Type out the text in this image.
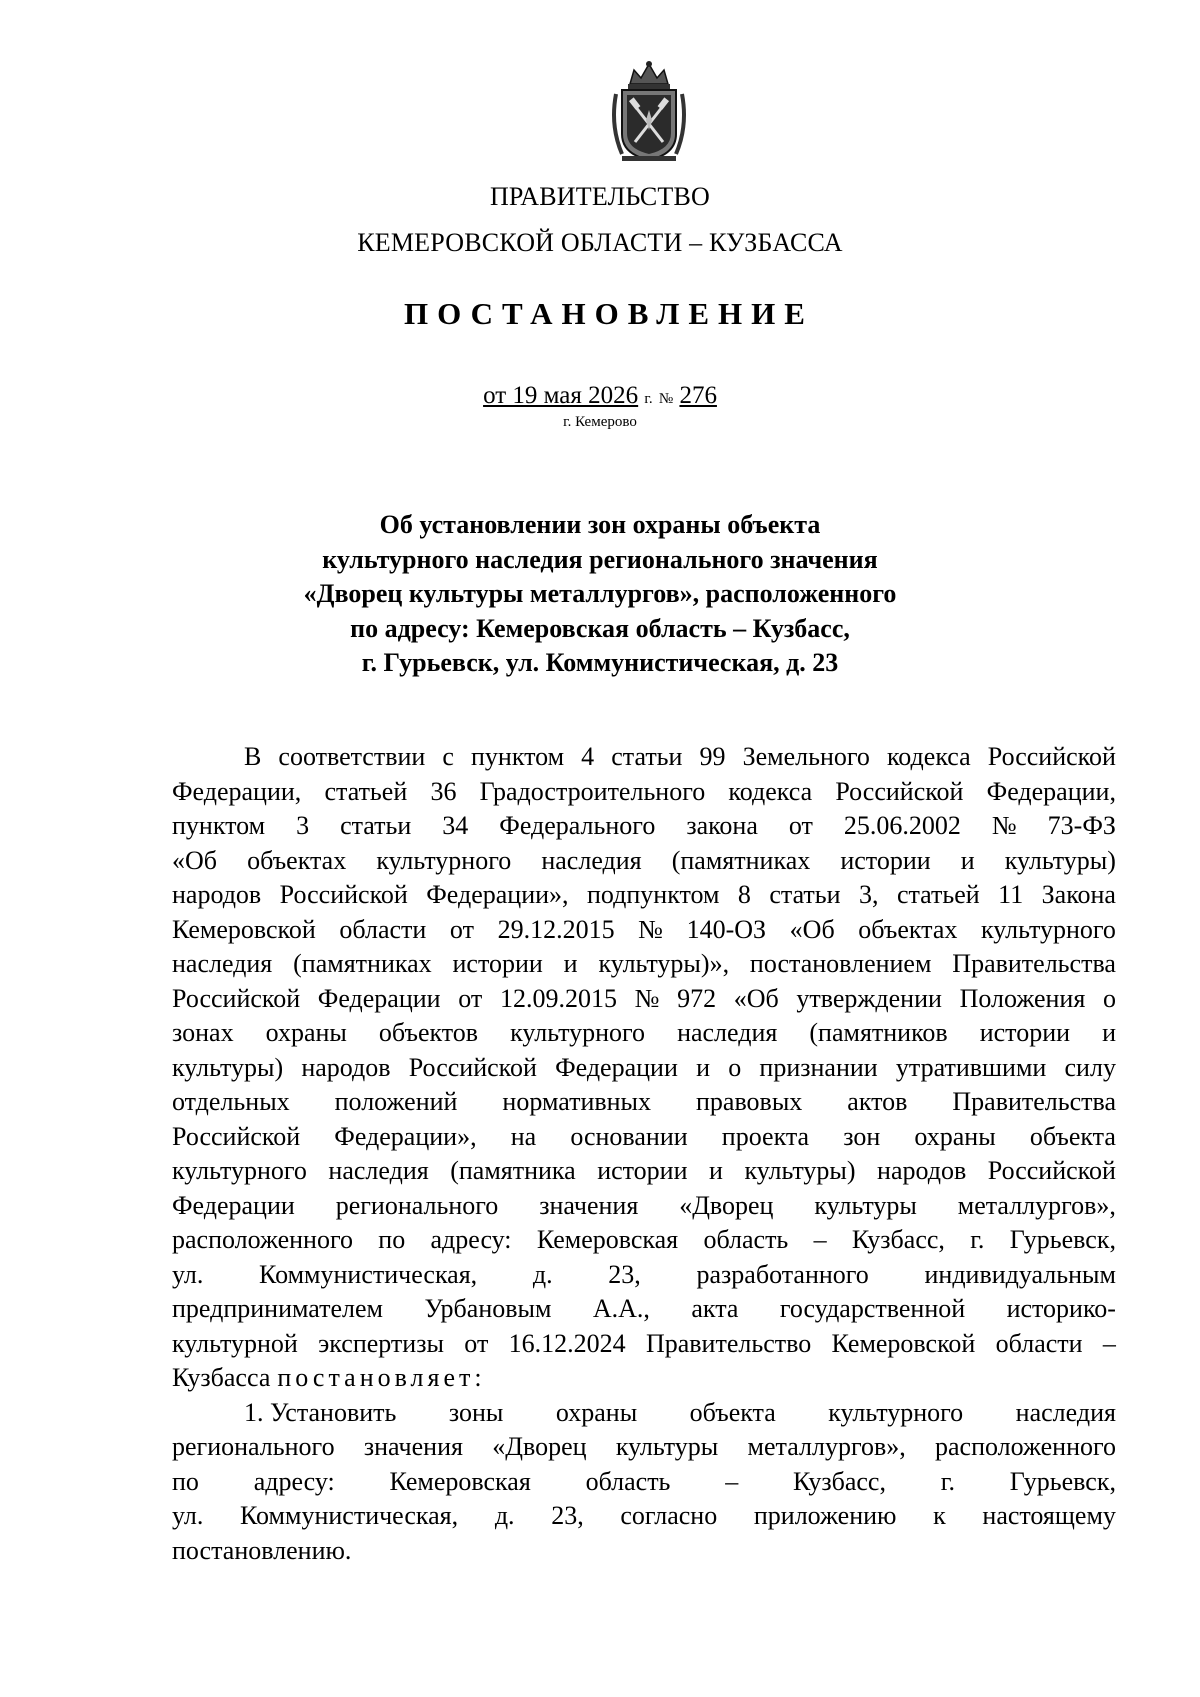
ПРАВИТЕЛЬСТВО
КЕМЕРОВСКОЙ ОБЛАСТИ – КУЗБАССА
ПОСТАНОВЛЕНИЕ
от 19 мая 2026 г. № 276
г. Кемерово
Об установлении зон охраны объекта
культурного наследия регионального значения
«Дворец культуры металлургов», расположенного
по адресу: Кемеровская область – Кузбасс,
г. Гурьевск, ул. Коммунистическая, д. 23
В соответствии с пунктом 4 статьи 99 Земельного кодекса Российской
Федерации, статьей 36 Градостроительного кодекса Российской Федерации,
пунктом 3 статьи 34 Федерального закона от 25.06.2002 № 73-ФЗ
«Об объектах культурного наследия (памятниках истории и культуры)
народов Российской Федерации», подпунктом 8 статьи 3, статьей 11 Закона
Кемеровской области от 29.12.2015 № 140-ОЗ «Об объектах культурного
наследия (памятниках истории и культуры)», постановлением Правительства
Российской Федерации от 12.09.2015 № 972 «Об утверждении Положения о
зонах охраны объектов культурного наследия (памятников истории и
культуры) народов Российской Федерации и о признании утратившими силу
отдельных положений нормативных правовых актов Правительства
Российской Федерации», на основании проекта зон охраны объекта
культурного наследия (памятника истории и культуры) народов Российской
Федерации регионального значения «Дворец культуры металлургов»,
расположенного по адресу: Кемеровская область – Кузбасс, г. Гурьевск,
ул. Коммунистическая, д. 23, разработанного индивидуальным
предпринимателем Урбановым А.А., акта государственной историко-
культурной экспертизы от 16.12.2024 Правительство Кемеровской области –
Кузбасса постановляет:
1. Установить зоны охраны объекта культурного наследия
регионального значения «Дворец культуры металлургов», расположенного
по адресу: Кемеровская область – Кузбасс, г. Гурьевск,
ул. Коммунистическая, д. 23, согласно приложению к настоящему
постановлению.
